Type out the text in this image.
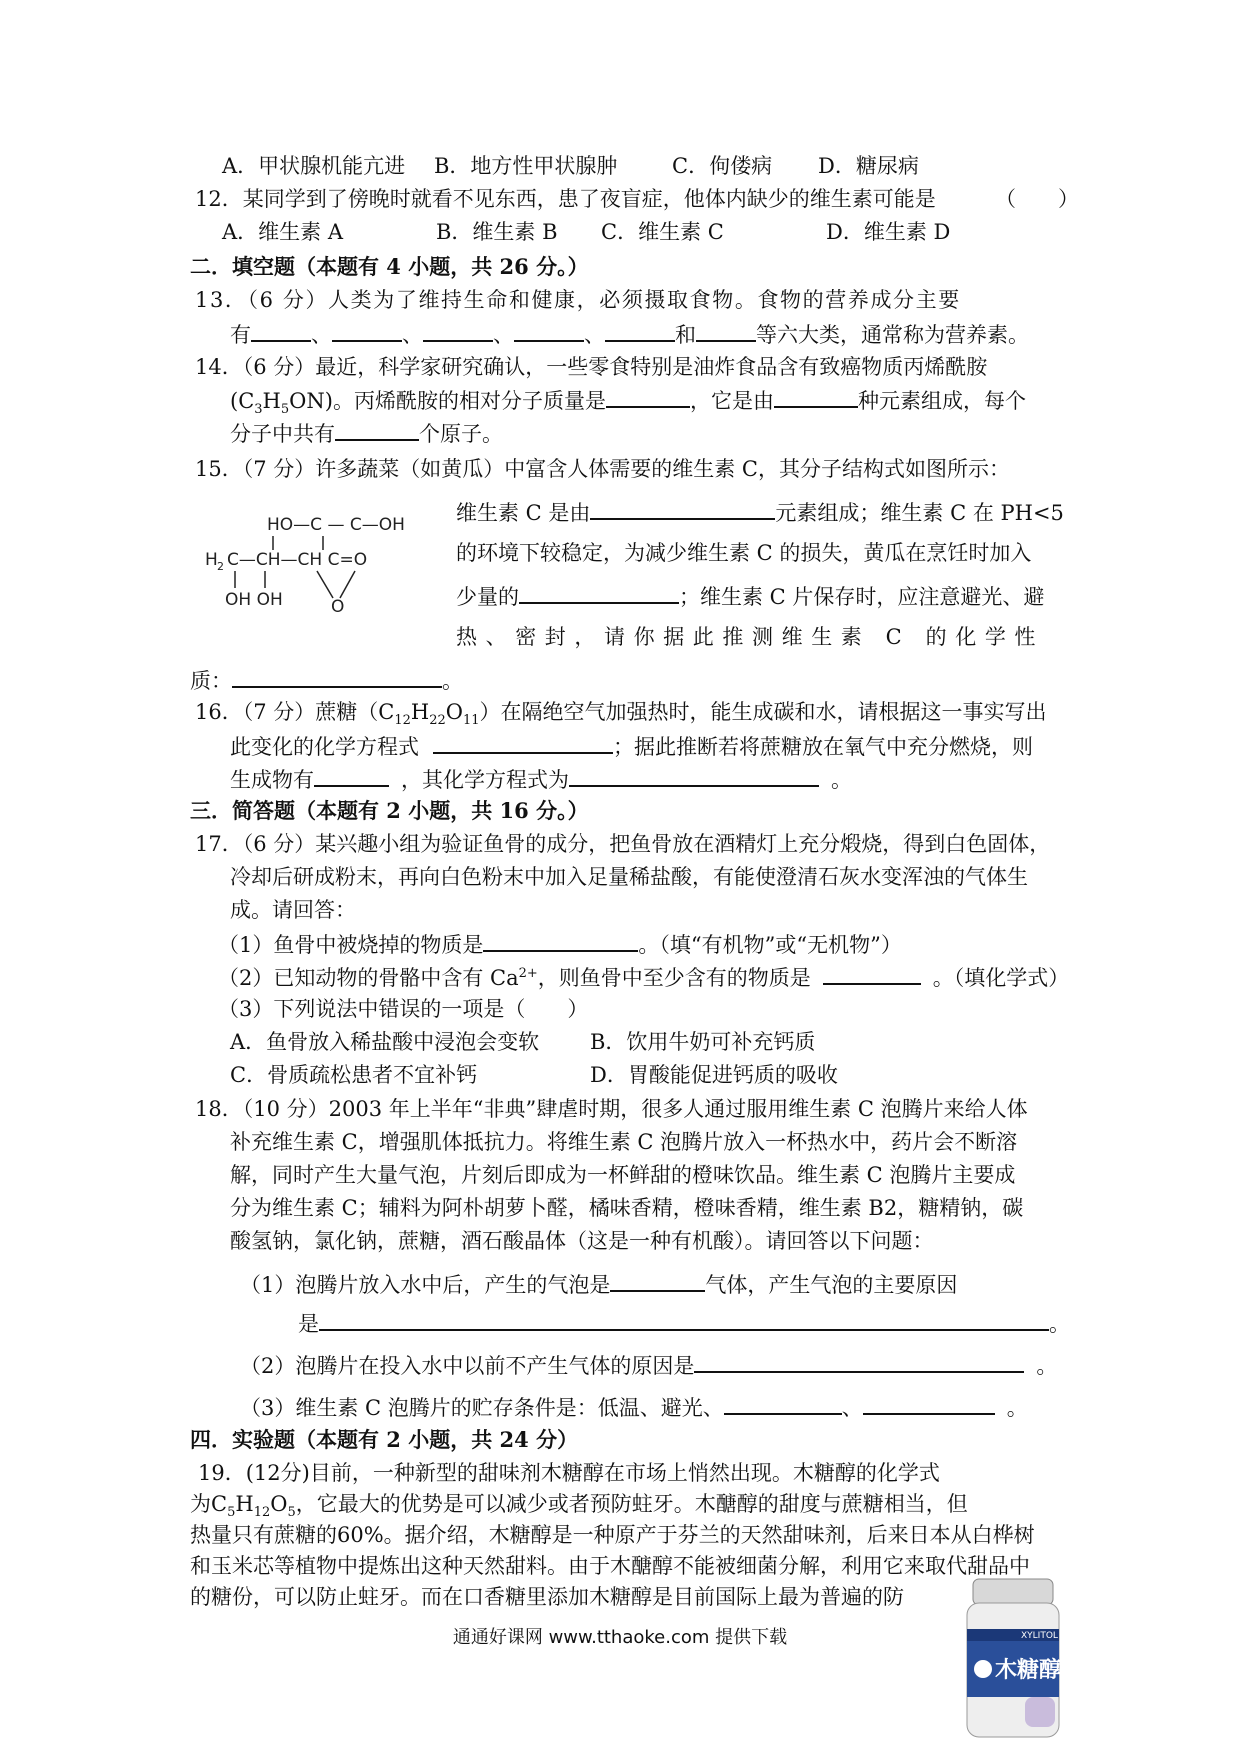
A．甲状腺机能亢进 B．地方性甲状腺肿	C．佝偻病 D．糖尿病
12．某同学到了傍晚时就看不见东西，患了夜盲症，他体内缺少的维生素可能是	（　　）
A．维生素 A	B．维生素 B C．维生素 C	D．维生素 D
二．填空题（本题有 4 小题，共 26 分。）
13．（6 分）人类为了维持生命和健康，必须摄取食物。食物的营养成分主要
有	、	、	、	、	和	等六大类，通常称为营养素。
14．（6 分）最近，科学家研究确认，一些零食特别是油炸食品含有致癌物质丙烯酰胺
$(C_3H_5ON)$。丙烯酰胺的相对分子质量是	，它是由	种元素组成，每个
分子中共有	个原子。
15．（7 分）许多蔬菜（如黄瓜）中富含人体需要的维生素 C，其分子结构式如图所示：
HO—C — C—OH
H 2 C—CH—CH C=O
O
OH OH
维生素 C 是由	元素组成；维生素 C 在 PH<5
的环境下较稳定，为减少维生素 C 的损失，黄瓜在烹饪时加入
少量的	；维生素 C 片保存时，应注意避光、避
热、密封，请你据此推测维生素 C 的化学性
质：	。
16．（7 分）蔗糖$(C_{12}H_{22}O_{11})$在隔绝空气加强热时，能生成碳和水，请根据这一事实写出
此变化的化学方程式	；据此推断若将蔗糖放在氧气中充分燃烧，则
生成物有	，其化学方程式为	。
三．简答题（本题有 2 小题，共 16 分。）
17．（6 分）某兴趣小组为验证鱼骨的成分，把鱼骨放在酒精灯上充分煅烧，得到白色固体，
冷却后研成粉末，再向白色粉末中加入足量稀盐酸，有能使澄清石灰水变浑浊的气体生
成。请回答：
（1）鱼骨中被烧掉的物质是	。（填“有机物”或“无机物”）
（2）已知动物的骨骼中含有 $Ca^{2+}$，则鱼骨中至少含有的物质是	。（填化学式）
（3）下列说法中错误的一项是（　　）
A．鱼骨放入稀盐酸中浸泡会变软 B．饮用牛奶可补充钙质
C．骨质疏松患者不宜补钙	D．胃酸能促进钙质的吸收
18．（10 分）2003 年上半年“非典”肆虐时期，很多人通过服用维生素 C 泡腾片来给人体
补充维生素 C，增强肌体抵抗力。将维生素 C 泡腾片放入一杯热水中，药片会不断溶
解，同时产生大量气泡，片刻后即成为一杯鲜甜的橙味饮品。维生素 C 泡腾片主要成
分为维生素 C；辅料为阿朴胡萝卜醛，橘味香精，橙味香精，维生素 B2，糖精钠，碳
酸氢钠，氯化钠，蔗糖，酒石酸晶体（这是一种有机酸）。请回答以下问题：
（1）泡腾片放入水中后，产生的气泡是	气体，产生气泡的主要原因
是	。
（2）泡腾片在投入水中以前不产生气体的原因是	。
（3）维生素 C 泡腾片的贮存条件是：低温、避光、	、	。
四．实验题（本题有 2 小题，共 24 分）
19．(12分)目前，一种新型的甜味剂木糖醇在市场上悄然出现。木糖醇的化学式
为$C_5H_{12}O_5$，它最大的优势是可以减少或者预防蛀牙。木醣醇的甜度与蔗糖相当，但
热量只有蔗糖的60%。据介绍，木糖醇是一种原产于芬兰的天然甜味剂，后来日本从白桦树
和玉米芯等植物中提炼出这种天然甜料。由于木醣醇不能被细菌分解，利用它来取代甜品中
的糖份，可以防止蛀牙。而在口香糖里添加木糖醇是目前国际上最为普遍的防
XYLITOL
木糖醇
通通好课网 www.tthaoke.com 提供下载
